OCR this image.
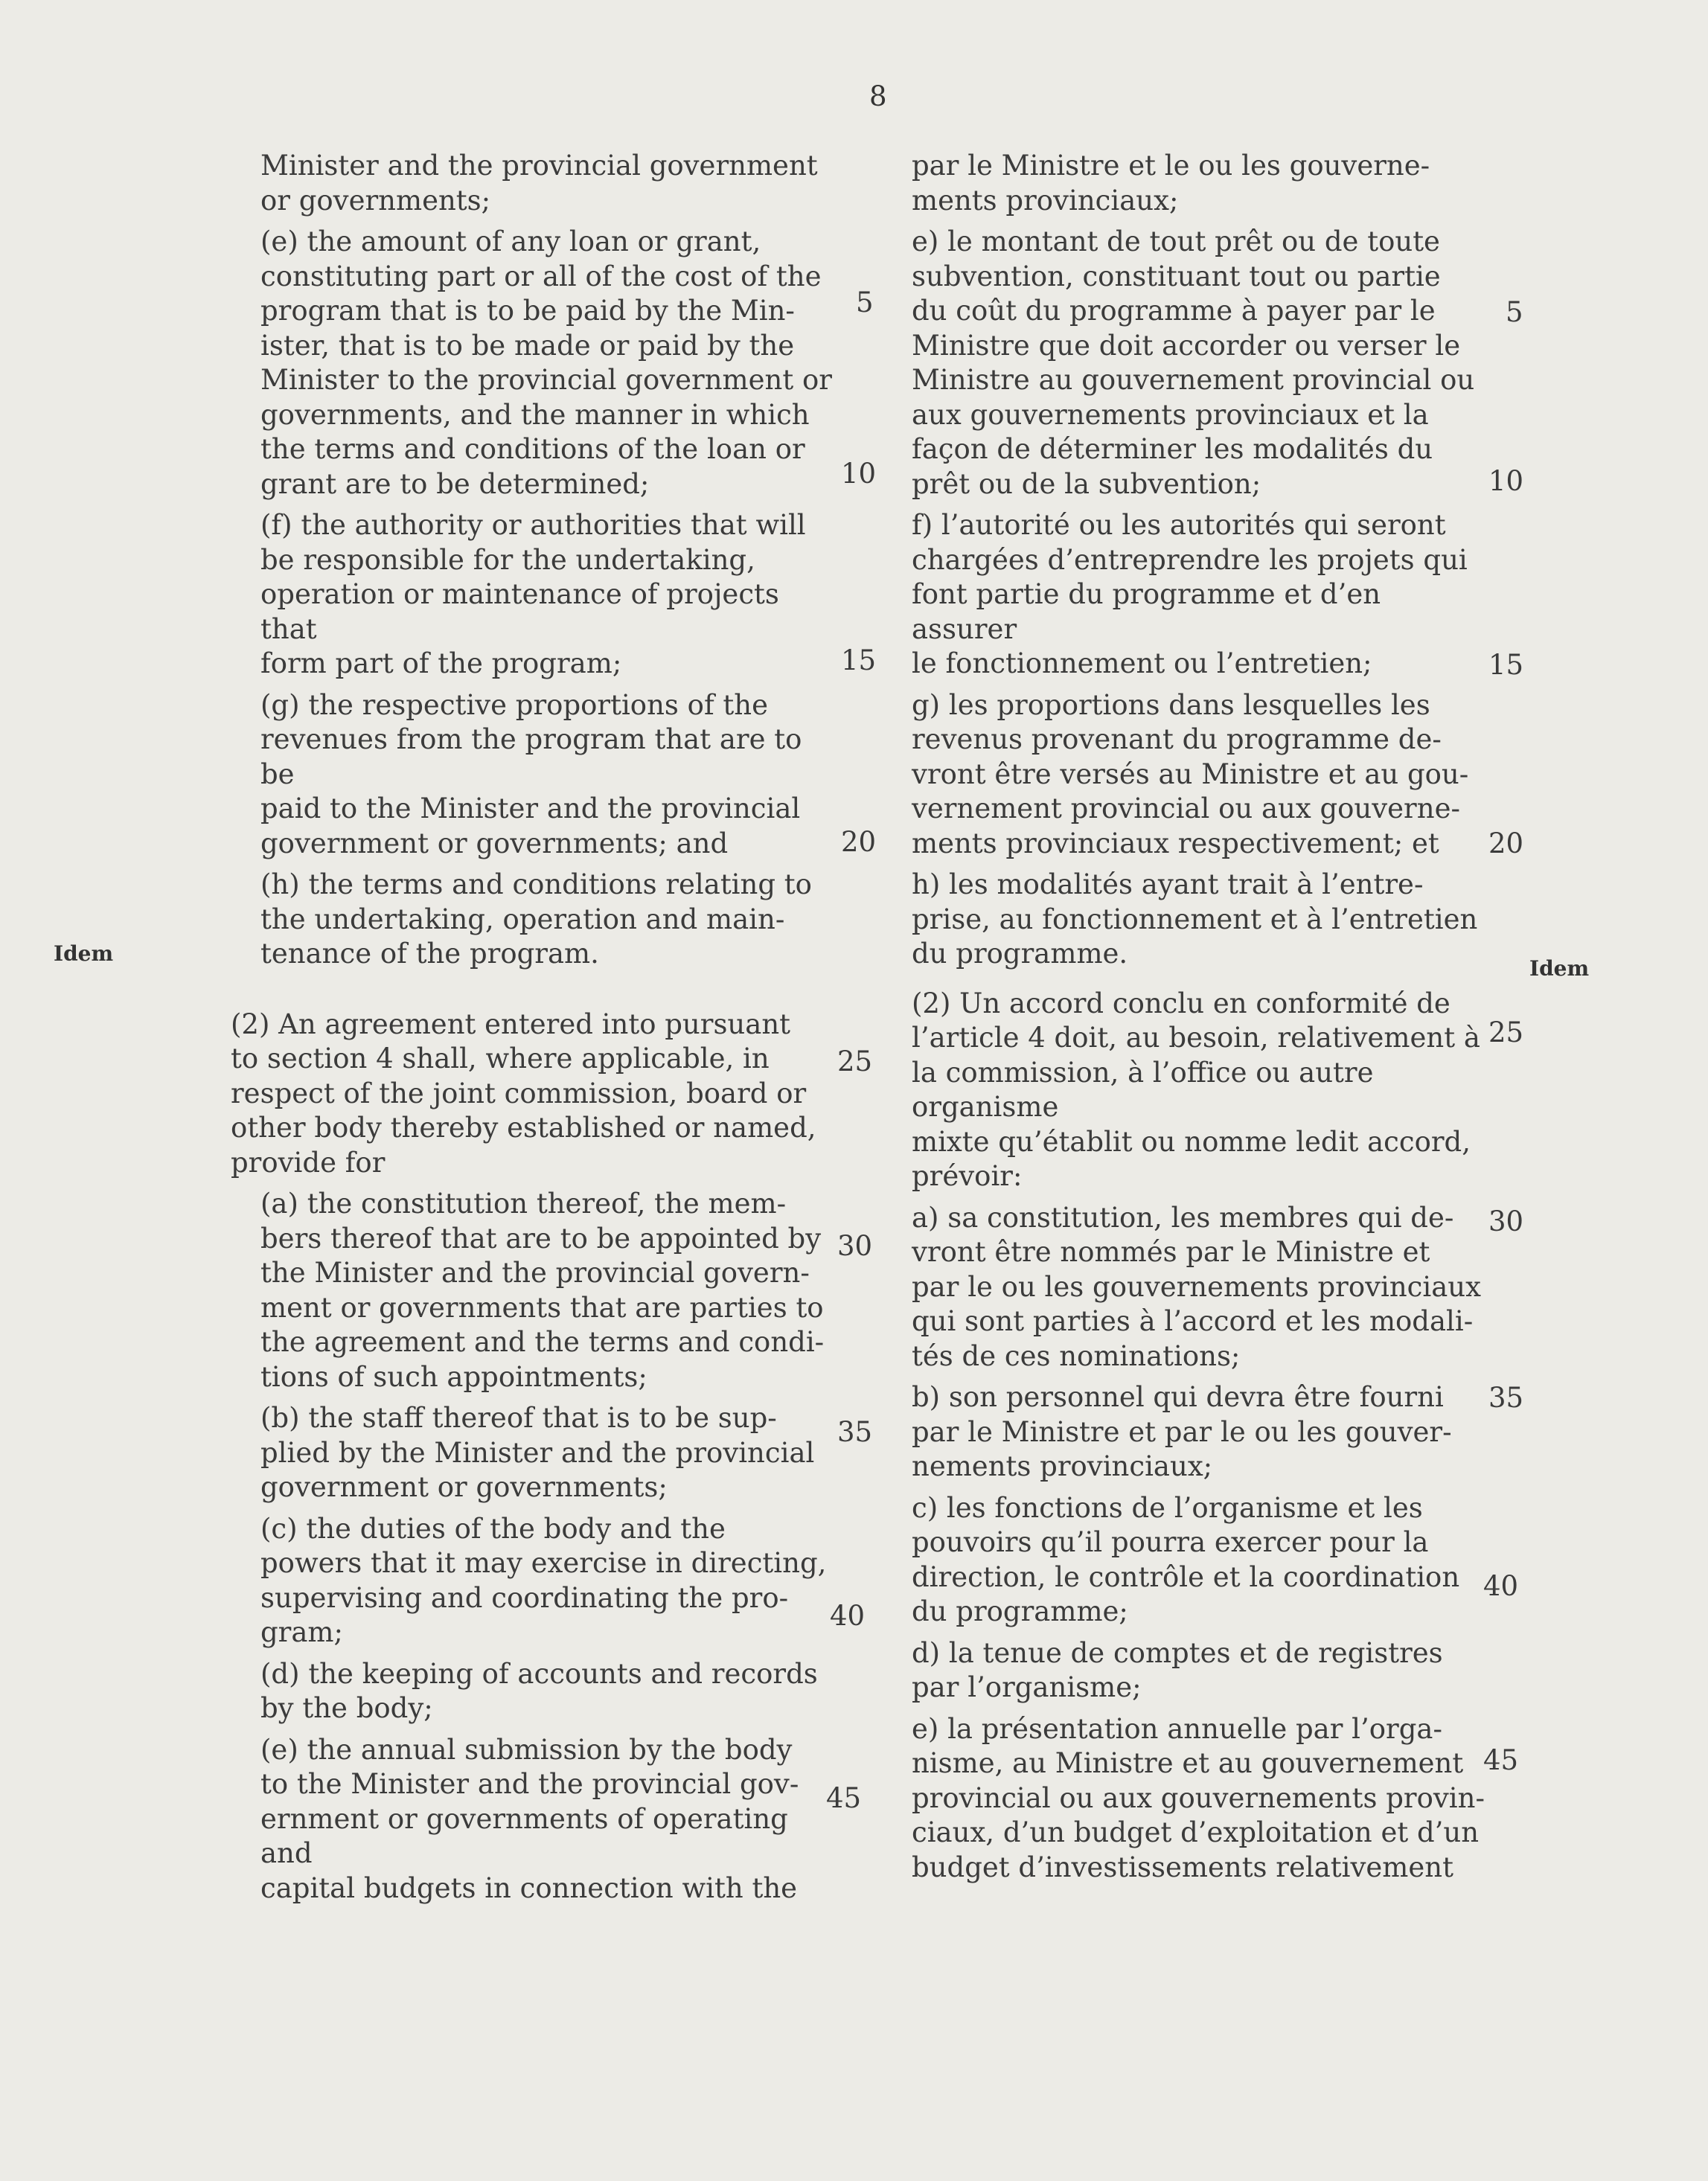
8
Idem
Idem

Minister and the provincial government

or governments;

(e) the amount of any loan or grant,

constituting part or all of the cost of the

program that is to be paid by the Min-

ister, that is to be made or paid by the

Minister to the provincial government or

governments, and the manner in which

the terms and conditions of the loan or

grant are to be determined;

(f) the authority or authorities that will

be responsible for the undertaking,

operation or maintenance of projects that

form part of the program;

(g) the respective proportions of the

revenues from the program that are to be

paid to the Minister and the provincial

government or governments; and

(h) the terms and conditions relating to

the undertaking, operation and main-

tenance of the program.

(2) An agreement entered into pursuant

to section 4 shall, where applicable, in

respect of the joint commission, board or

other body thereby established or named,

provide for

(a) the constitution thereof, the mem-

bers thereof that are to be appointed by

the Minister and the provincial govern-

ment or governments that are parties to

the agreement and the terms and condi-

tions of such appointments;

(b) the staff thereof that is to be sup-

plied by the Minister and the provincial

government or governments;

(c) the duties of the body and the

powers that it may exercise in directing,

supervising and coordinating the pro-

gram;

(d) the keeping of accounts and records

by the body;

(e) the annual submission by the body

to the Minister and the provincial gov-

ernment or governments of operating and

capital budgets in connection with the

5
10
15
20
25
30
35
40
45

par le Ministre et le ou les gouverne-

ments provinciaux;

e) le montant de tout prêt ou de toute

subvention, constituant tout ou partie

du coût du programme à payer par le

Ministre que doit accorder ou verser le

Ministre au gouvernement provincial ou

aux gouvernements provinciaux et la

façon de déterminer les modalités du

prêt ou de la subvention;

f) l’autorité ou les autorités qui seront

chargées d’entreprendre les projets qui

font partie du programme et d’en assurer

le fonctionnement ou l’entretien;

g) les proportions dans lesquelles les

revenus provenant du programme de-

vront être versés au Ministre et au gou-

vernement provincial ou aux gouverne-

ments provinciaux respectivement; et

h) les modalités ayant trait à l’entre-

prise, au fonctionnement et à l’entretien

du programme.

(2) Un accord conclu en conformité de

l’article 4 doit, au besoin, relativement à

la commission, à l’office ou autre organisme

mixte qu’établit ou nomme ledit accord,

prévoir:

a) sa constitution, les membres qui de-

vront être nommés par le Ministre et

par le ou les gouvernements provinciaux

qui sont parties à l’accord et les modali-

tés de ces nominations;

b) son personnel qui devra être fourni

par le Ministre et par le ou les gouver-

nements provinciaux;

c) les fonctions de l’organisme et les

pouvoirs qu’il pourra exercer pour la

direction, le contrôle et la coordination

du programme;

d) la tenue de comptes et de registres

par l’organisme;

e) la présentation annuelle par l’orga-

nisme, au Ministre et au gouvernement

provincial ou aux gouvernements provin-

ciaux, d’un budget d’exploitation et d’un

budget d’investissements relativement

5
10
15
20
25
30
35
40
45
